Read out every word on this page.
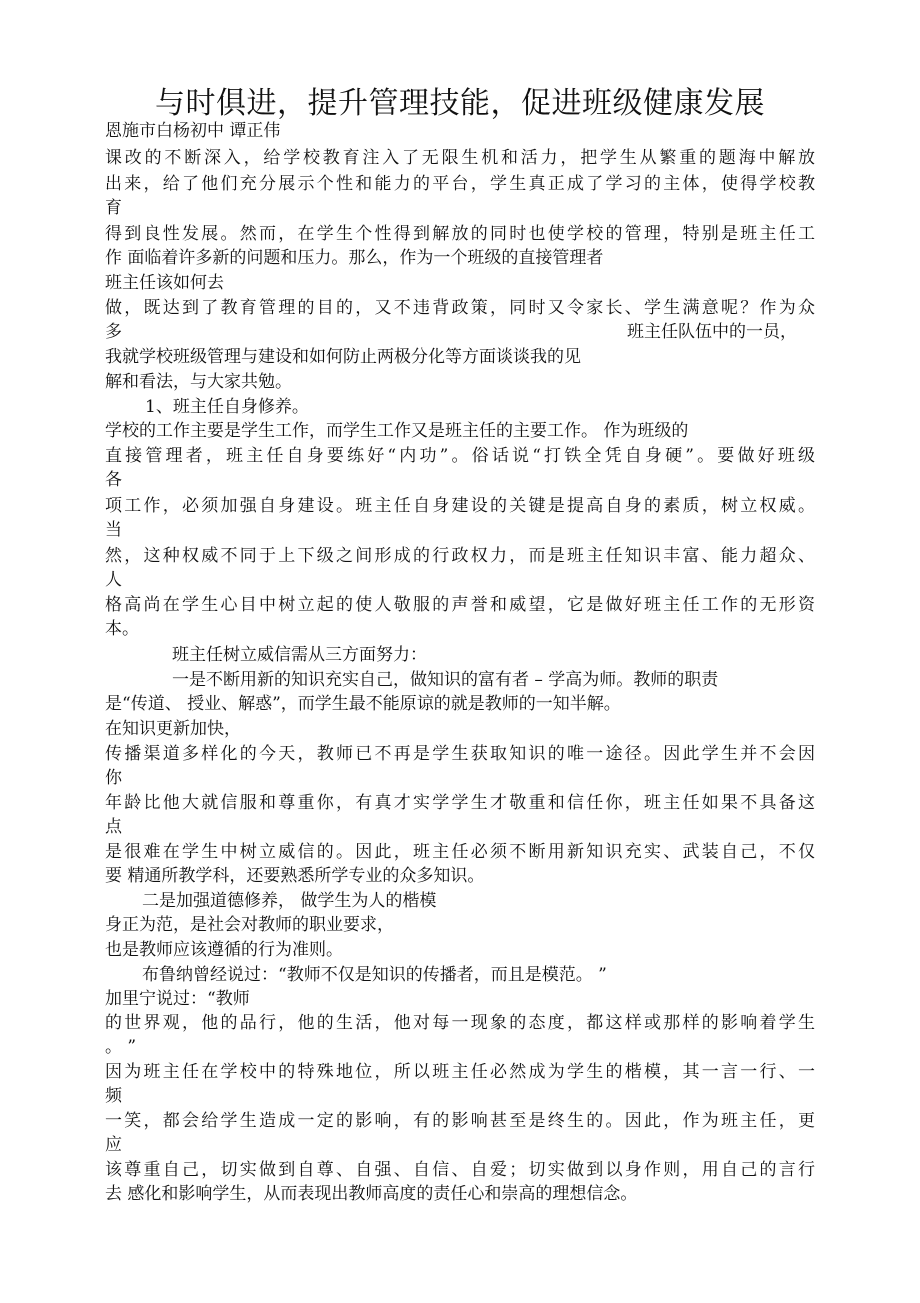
与时俱进，提升管理技能，促进班级健康发展

恩施市白杨初中 谭正伟

课改的不断深入，给学校教育注入了无限生机和活力，把学生从繁重的题海中解放

出来，给了他们充分展示个性和能力的平台，学生真正成了学习的主体，使得学校教

育

得到良性发展。然而，在学生个性得到解放的同时也使学校的管理，特别是班主任工

作 面临着许多新的问题和压力。那么，作为一个班级的直接管理者

班主任该如何去

做，既达到了教育管理的目的，又不违背政策，同时又令家长、学生满意呢？作为众

多	班主任队伍中的一员，

我就学校班级管理与建设和如何防止两极分化等方面谈谈我的见

解和看法，与大家共勉。

1、班主任自身修养。

学校的工作主要是学生工作，而学生工作又是班主任的主要工作。 作为班级的

直接管理者，班主任自身要练好“内功”。俗话说“打铁全凭自身硬”。要做好班级

各

项工作，必须加强自身建设。班主任自身建设的关键是提高自身的素质，树立权威。

当

然，这种权威不同于上下级之间形成的行政权力，而是班主任知识丰富、能力超众、

人

格高尚在学生心目中树立起的使人敬服的声誉和威望，它是做好班主任工作的无形资

本。

班主任树立威信需从三方面努力：

一是不断用新的知识充实自己，做知识的富有者 – 学高为师。教师的职责

是“传道、 授业、解惑”，而学生最不能原谅的就是教师的一知半解。

在知识更新加快，

传播渠道多样化的今天，教师已不再是学生获取知识的唯一途径。因此学生并不会因

你

年龄比他大就信服和尊重你，有真才实学学生才敬重和信任你，班主任如果不具备这

点

是很难在学生中树立威信的。因此，班主任必须不断用新知识充实、武装自己，不仅

要 精通所教学科，还要熟悉所学专业的众多知识。

二是加强道德修养， 做学生为人的楷模

身正为范，是社会对教师的职业要求，

也是教师应该遵循的行为准则。

布鲁纳曾经说过：“教师不仅是知识的传播者，而且是模范。 ”

加里宁说过：“教师

的世界观，他的品行，他的生活，他对每一现象的态度，都这样或那样的影响着学生

。 ”

因为班主任在学校中的特殊地位，所以班主任必然成为学生的楷模，其一言一行、一

频

一笑，都会给学生造成一定的影响，有的影响甚至是终生的。因此，作为班主任，更

应

该尊重自己，切实做到自尊、自强、自信、自爱；切实做到以身作则，用自己的言行

去 感化和影响学生，从而表现出教师高度的责任心和崇高的理想信念。
